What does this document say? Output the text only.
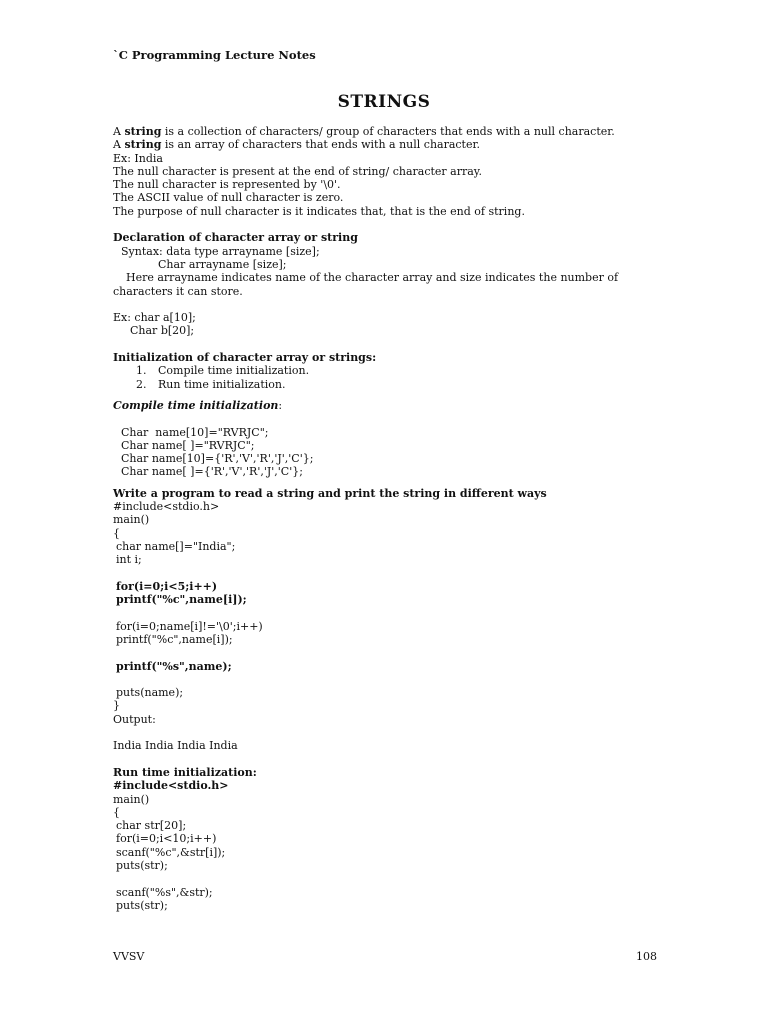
`C Programming Lecture Notes
STRINGS
A string is a collection of characters/ group of characters that ends with a null character.
A string is an array of characters that ends with a null character.
Ex: India
The null character is present at the end of string/ character array.
The null character is represented by '\0'.
The ASCII value of null character is zero.
The purpose of null character is it indicates that, that is the end of string.
Declaration of character array or string
Syntax: data type arrayname [size];
Char arrayname [size];
Here arrayname indicates name of the character array and size indicates the number of characters it can store.
Ex: char a[10];
Char b[20];
Initialization of character array or strings:
1. Compile time initialization.
2. Run time initialization.
Compile time initialization:
Char  name[10]="RVRJC";
Char name[ ]="RVRJC";
Char name[10]={'R','V','R','J','C'};
Char name[ ]={'R','V','R','J','C'};
Write a program to read a string and print the string in different ways
#include<stdio.h>
main()
{
char name[]="India";
int i;
for(i=0;i<5;i++)
printf("%c",name[i]);
for(i=0;name[i]!='\0';i++)
printf("%c",name[i]);
printf("%s",name);
puts(name);
}
Output:
India India India India
Run time initialization:
#include<stdio.h>
main()
{
char str[20];
for(i=0;i<10;i++)
scanf("%c",&str[i]);
puts(str);
scanf("%s",&str);
puts(str);
VVSV	108
